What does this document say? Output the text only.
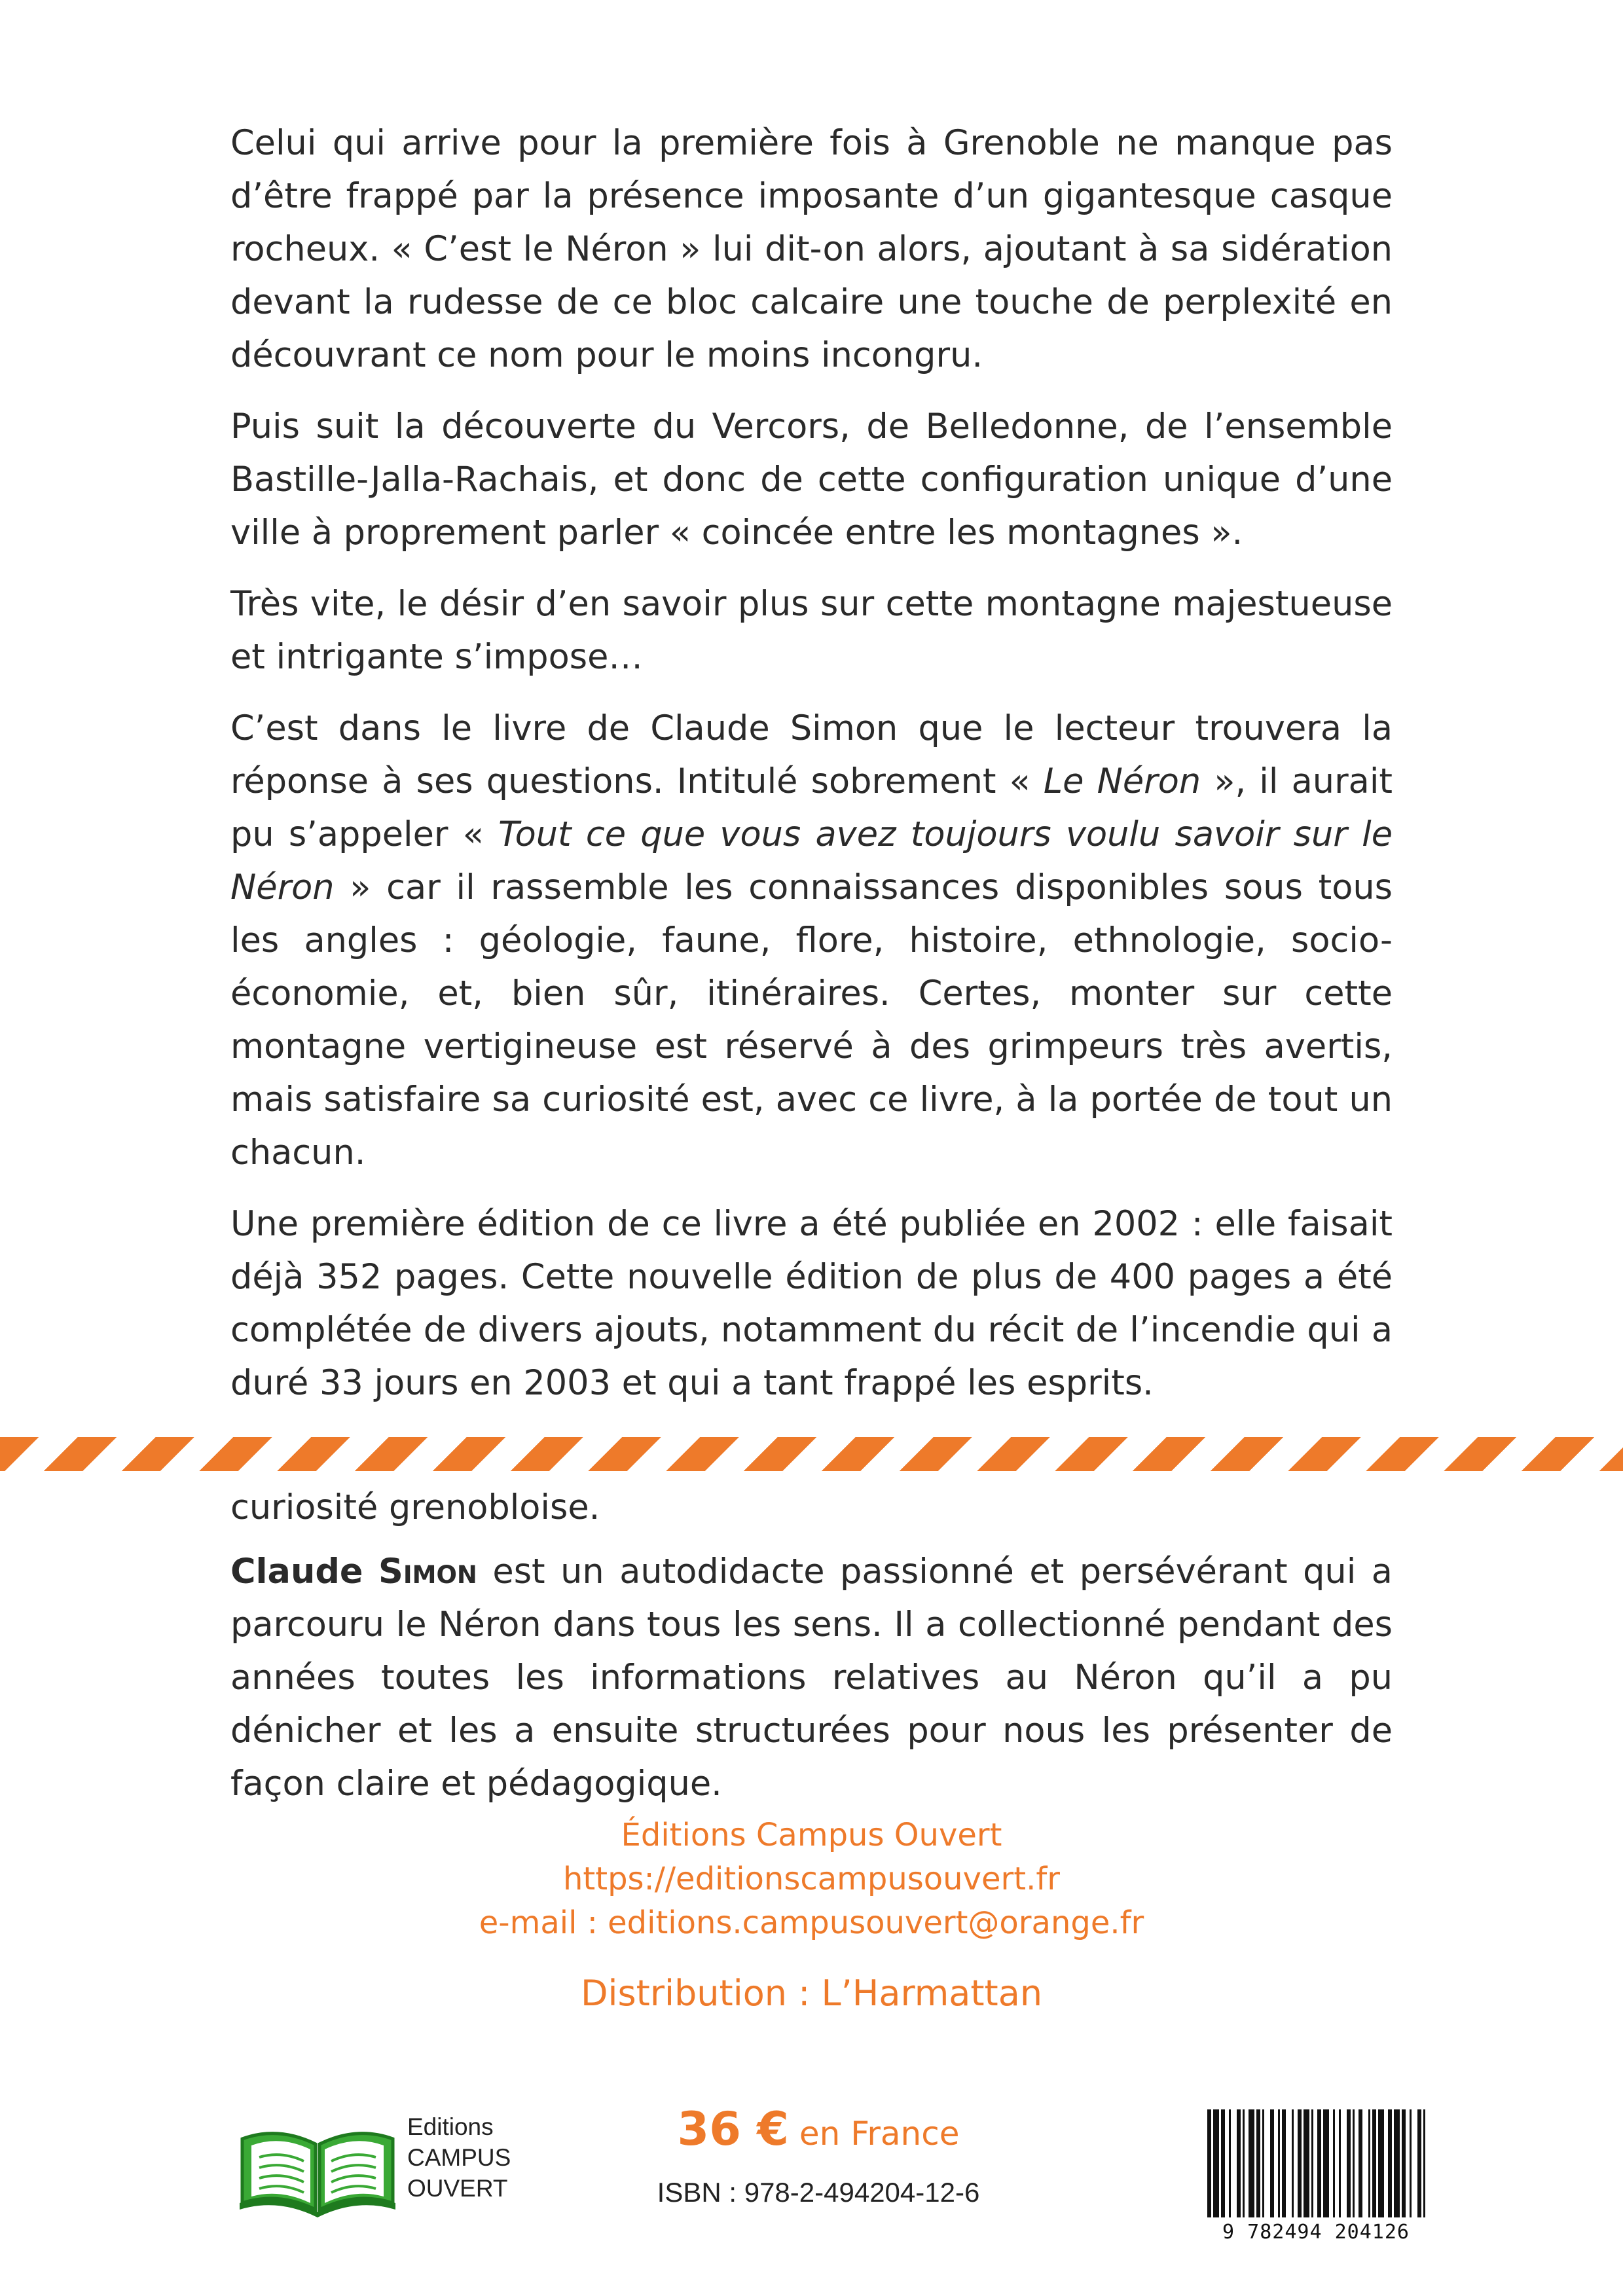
Celui qui arrive pour la première fois à Grenoble ne manque pas d’être frappé par la présence imposante d’un gigantesque casque rocheux. « C’est le Néron » lui dit-on alors, ajoutant à sa sidération devant la rudesse de ce bloc calcaire une touche de perplexité en découvrant ce nom pour le moins incongru.

Puis suit la découverte du Vercors, de Belledonne, de l’ensemble Bastille-Jalla-Rachais, et donc de cette configuration unique d’une ville à proprement parler « coincée entre les montagnes ».

Très vite, le désir d’en savoir plus sur cette montagne majestueuse et intrigante s’impose…

C’est dans le livre de Claude Simon que le lecteur trouvera la réponse à ses questions. Intitulé sobrement « Le Néron », il aurait pu s’appeler « Tout ce que vous avez toujours voulu savoir sur le Néron » car il rassemble les connaissances disponibles sous tous les angles : géologie, faune, flore, histoire, ethnologie, socio-économie, et, bien sûr, itinéraires. Certes, monter sur cette montagne vertigineuse est réservé à des grimpeurs très avertis, mais satisfaire sa curiosité est, avec ce livre, à la portée de tout un chacun.

Une première édition de ce livre a été publiée en 2002 : elle faisait déjà 352 pages. Cette nouvelle édition de plus de 400 pages a été complétée de divers ajouts, notamment du récit de l’incendie qui a duré 33 jours en 2003 et qui a tant frappé les esprits.

curiosité grenobloise.

Claude Simon est un autodidacte passionné et persévérant qui a parcouru le Néron dans tous les sens. Il a collectionné pendant des années toutes les informations relatives au Néron qu’il a pu dénicher et les a ensuite structurées pour nous les présenter de façon claire et pédagogique.

Éditions Campus Ouvert
https://editionscampusouvert.fr
e-mail : editions.campusouvert@orange.fr
Distribution : L’Harmattan
Editions
CAMPUS
OUVERT
36 € en France
ISBN : 978-2-494204-12-6
9 782494 204126
